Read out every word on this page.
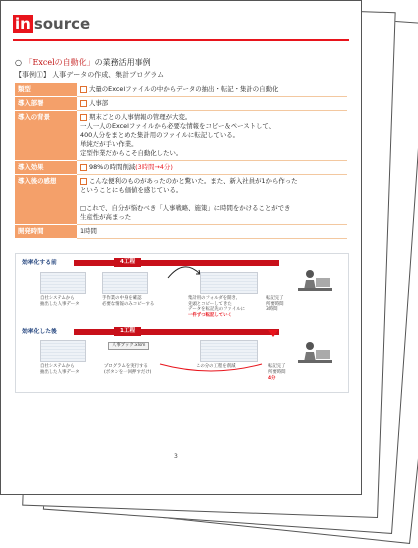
in source
○ 「Excelの自動化」の業務活用事例
【事例①】 人事データの作成、集計プログラム
類型	大量のExcelファイルの中からデータの抽出・転記・集計の自動化
導入部署	人事部
導入の背景	期末ごとの人事情報の管理が大変。
一人一人のExcelファイルから必要な情報をコピー＆ペーストして、
400人分をまとめた集計用のファイルに転記している。
単純だが手い作業。
定型作業だからこそ自動化したい。
導入効果	98%の時間削減(3時間→4分)
導入後の感想	こんな便利のものがあったのかと驚いた。また、新入社員が1から作った
ということにも価値を感じている。

□これで、自分が悩むべき「人事戦略、施策」に時間をかけることができ
生産性が高まった
開発時間	1時間
効率化する前	4工程
自社システムから
抽出した人事データ
手作業の中身を確認
必要な情報のみコピーする
集計用のフォルダを開き、
先頭とコピーしてきた
データを転記先のファイルに
一件ずつ転記していく
転記完了
所要時間
3時間
効率化した後	1工程
人事ブック.xlsm
自社システムから
抽出した人事データ
プログラムを実行する
(ボタンを一回押すだけ)
この分の工程を削減	転記完了
所要時間
4分
3
